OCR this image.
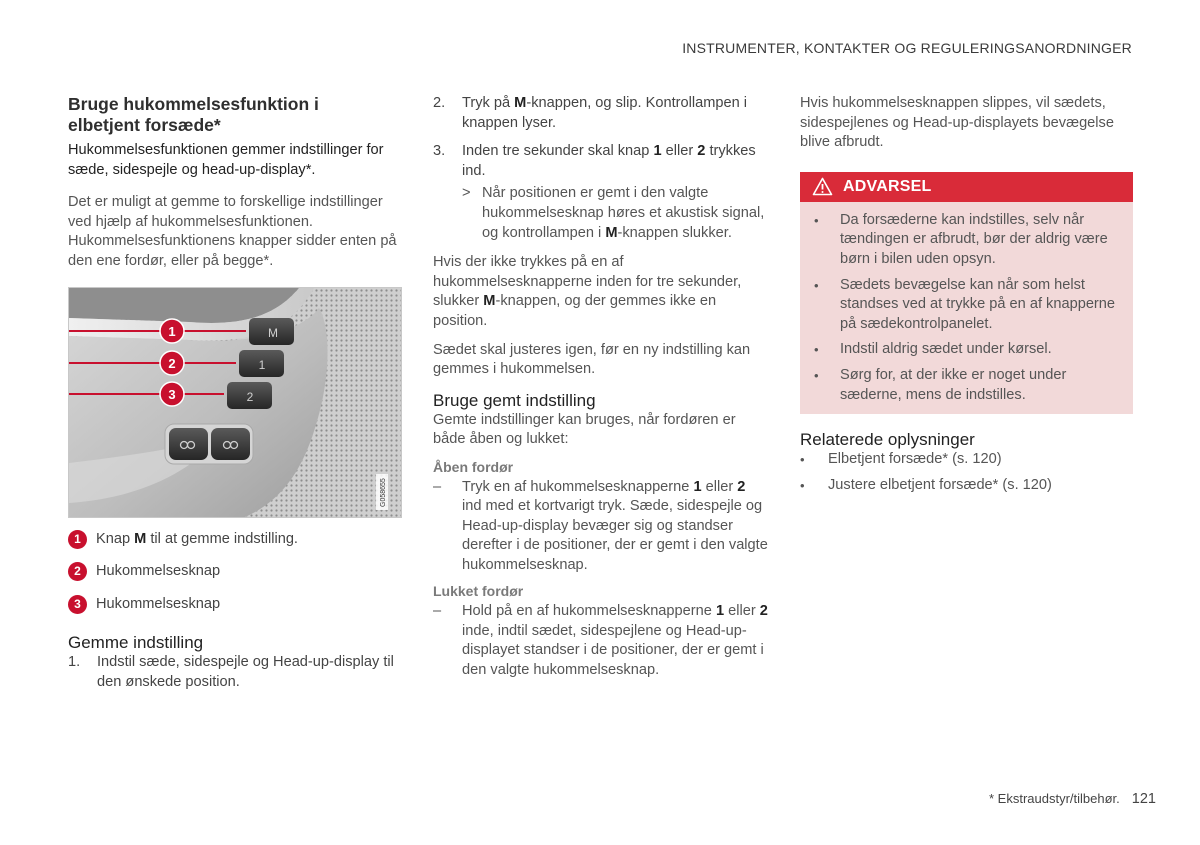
INSTRUMENTER, KONTAKTER OG REGULERINGSANORDNINGER
Bruge hukommelsesfunktion i
elbetjent forsæde*

Hukommelsesfunktionen gemmer indstillinger for sæde, sidespejle og head-up-display*.

Det er muligt at gemme to forskellige indstillinger ved hjælp af hukommelsesfunktionen. Hukommelsesfunktionens knapper sidder enten på den ene fordør, eller på begge*.

M
1
2
1
2
3
G058655
1	Knap M til at gemme indstilling.
2	Hukommelsesknap
3	Hukommelsesknap
Gemme indstilling
1. Indstil sæde, sidespejle og Head-up-display til den ønskede position.
2. Tryk på M-knappen, og slip. Kontrollampen i knappen lyser.
3. Inden tre sekunder skal knap 1 eller 2 trykkes ind.
> Når positionen er gemt i den valgte hukommelsesknap høres et akustisk signal, og kontrollampen i M-knappen slukker.

Hvis der ikke trykkes på en af hukommelsesknapperne inden for tre sekunder, slukker M-knappen, og der gemmes ikke en position.

Sædet skal justeres igen, før en ny indstilling kan gemmes i hukommelsen.

Bruge gemt indstilling

Gemte indstillinger kan bruges, når fordøren er både åben og lukket:

Åben fordør

– Tryk en af hukommelsesknapperne 1 eller 2 ind med et kortvarigt tryk. Sæde, sidespejle og Head-up-display bevæger sig og standser derefter i de positioner, der er gemt i den valgte hukommelsesknap.

Lukket fordør

– Hold på en af hukommelsesknapperne 1 eller 2 inde, indtil sædet, sidespejlene og Head-up-displayet standser i de positioner, der er gemt i den valgte hukommelsesknap.

Hvis hukommelsesknappen slippes, vil sædets, sidespejlenes og Head-up-displayets bevægelse blive afbrudt.

ADVARSEL
• Da forsæderne kan indstilles, selv når tændingen er afbrudt, bør der aldrig være børn i bilen uden opsyn.
• Sædets bevægelse kan når som helst standses ved at trykke på en af knapperne på sædekontrolpanelet.
• Indstil aldrig sædet under kørsel.
• Sørg for, at der ikke er noget under sæderne, mens de indstilles.
Relaterede oplysninger
• Elbetjent forsæde* (s. 120)
• Justere elbetjent forsæde* (s. 120)
* Ekstraudstyr/tilbehør. 121
